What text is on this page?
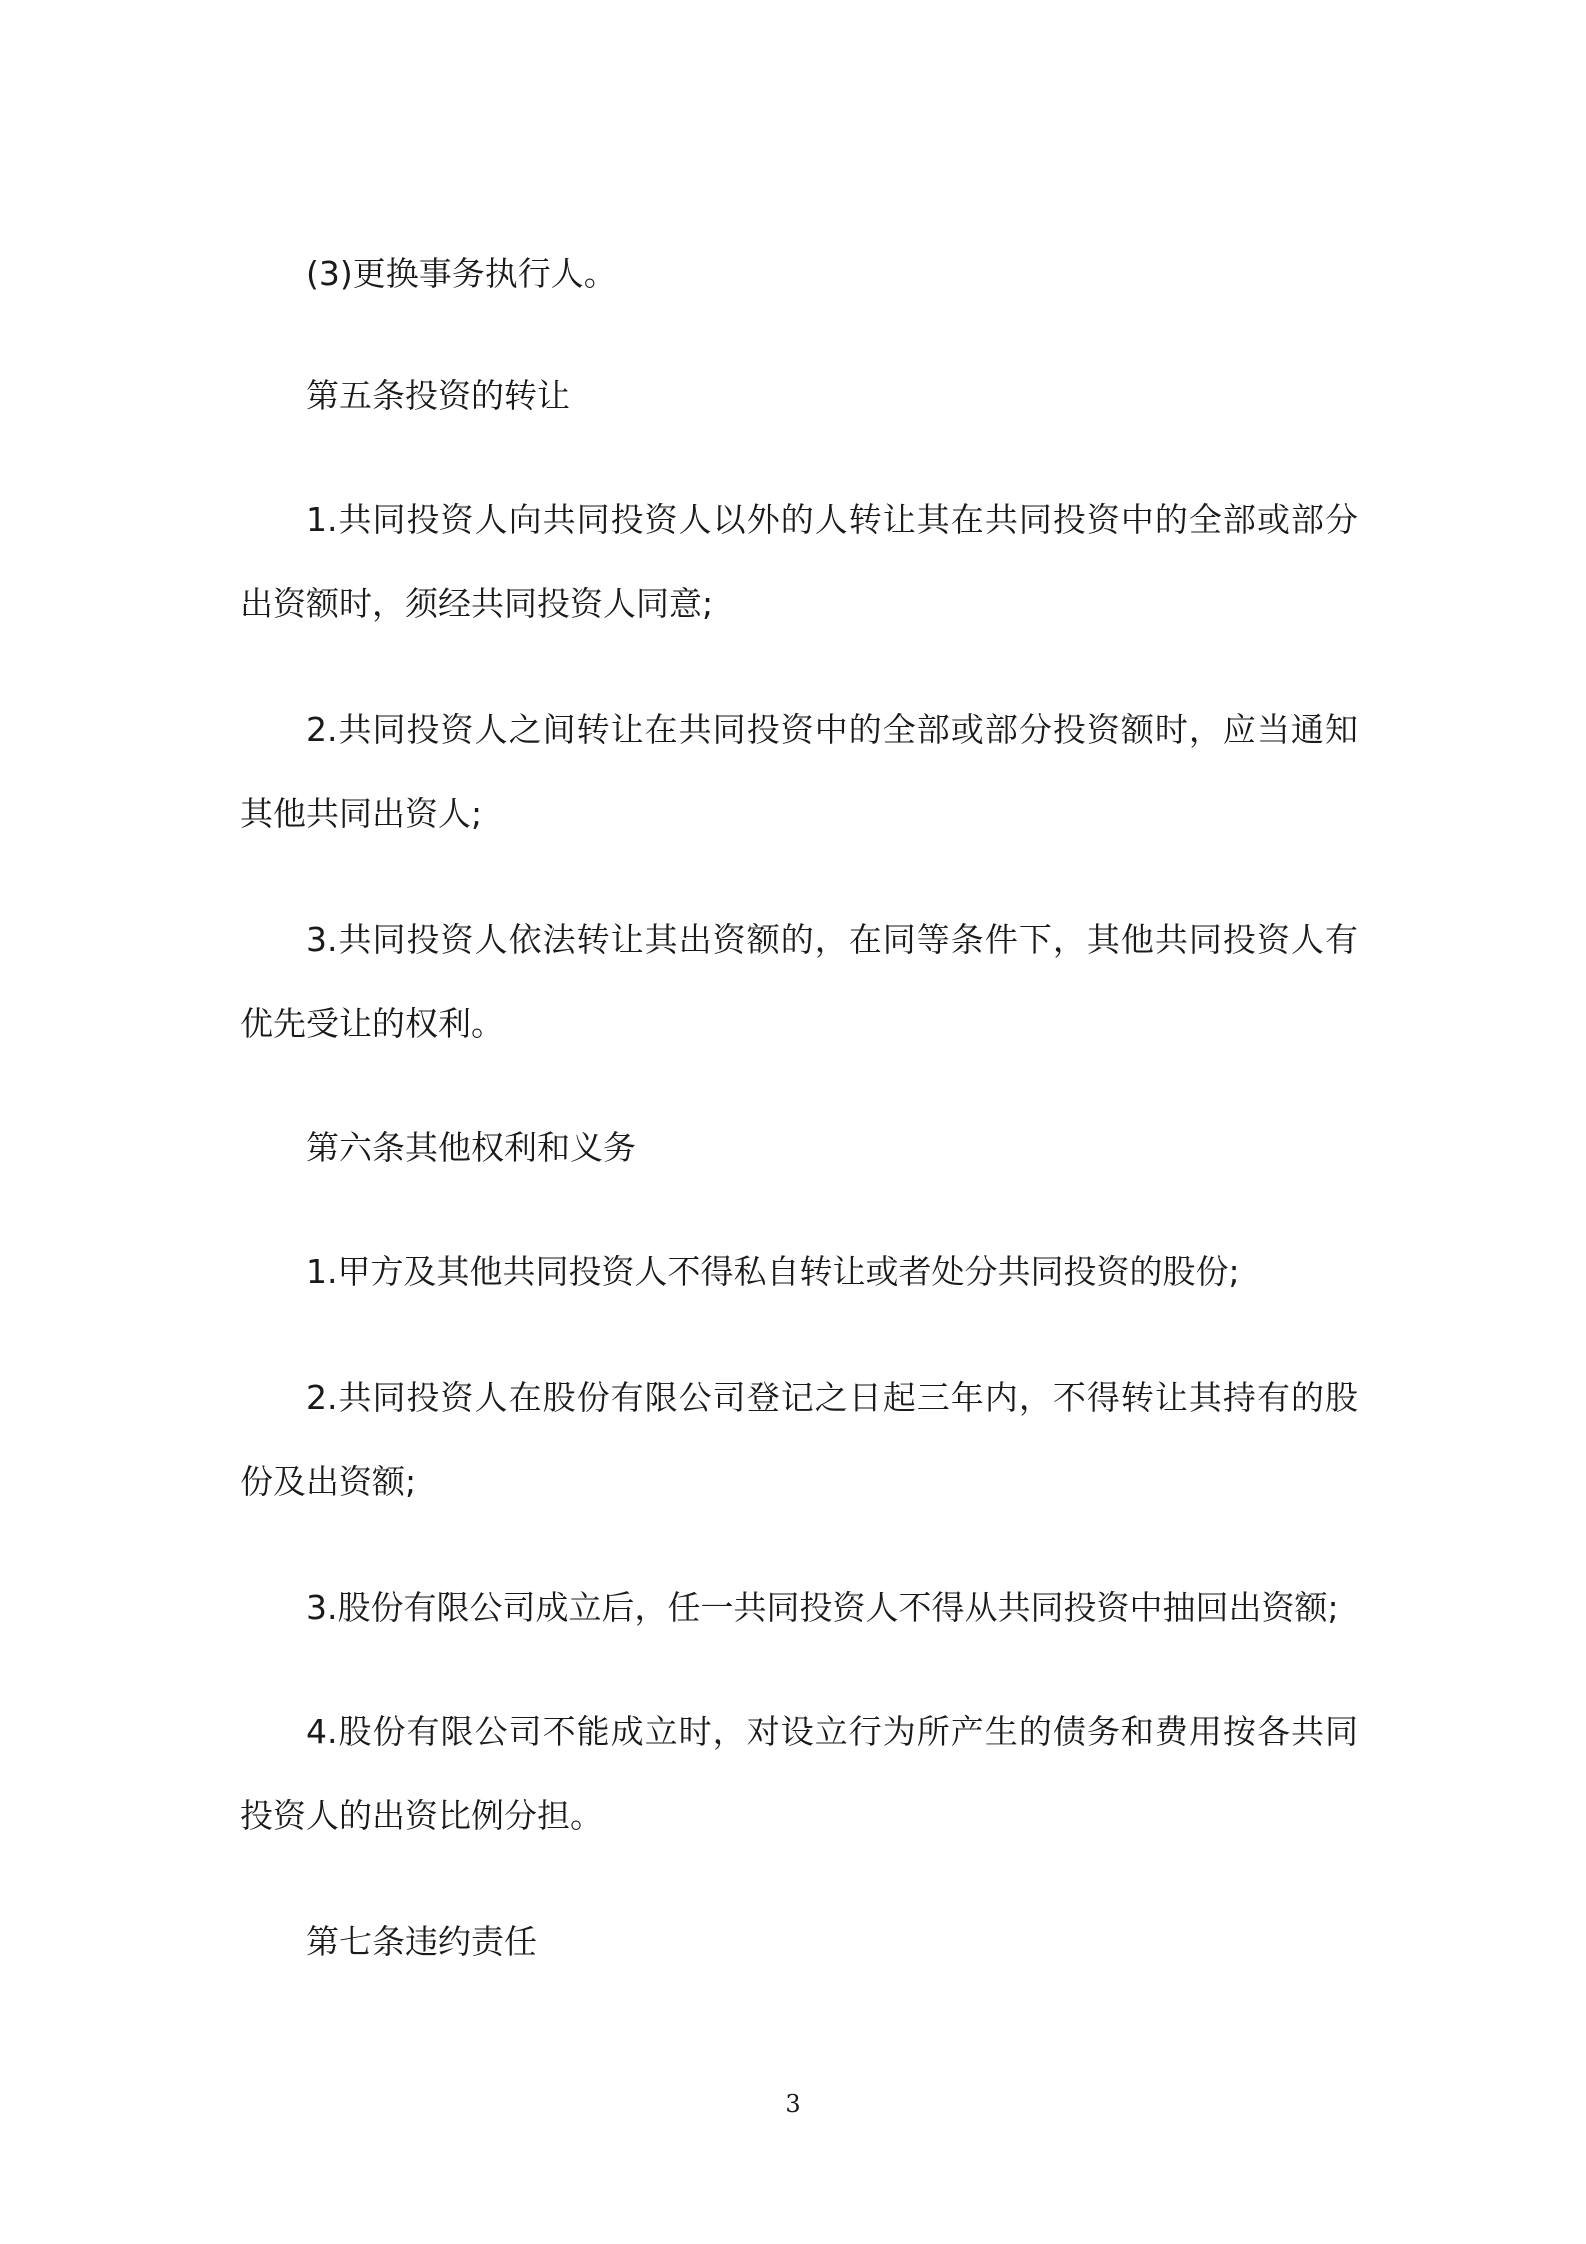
(3)更换事务执行人。

第五条投资的转让

1.共同投资人向共同投资人以外的人转让其在共同投资中的全部或部分出资额时，须经共同投资人同意;

2.共同投资人之间转让在共同投资中的全部或部分投资额时，应当通知其他共同出资人;

3.共同投资人依法转让其出资额的，在同等条件下，其他共同投资人有优先受让的权利。

第六条其他权利和义务

1.甲方及其他共同投资人不得私自转让或者处分共同投资的股份;

2.共同投资人在股份有限公司登记之日起三年内，不得转让其持有的股份及出资额;

3.股份有限公司成立后，任一共同投资人不得从共同投资中抽回出资额;

4.股份有限公司不能成立时，对设立行为所产生的债务和费用按各共同投资人的出资比例分担。

第七条违约责任

3
